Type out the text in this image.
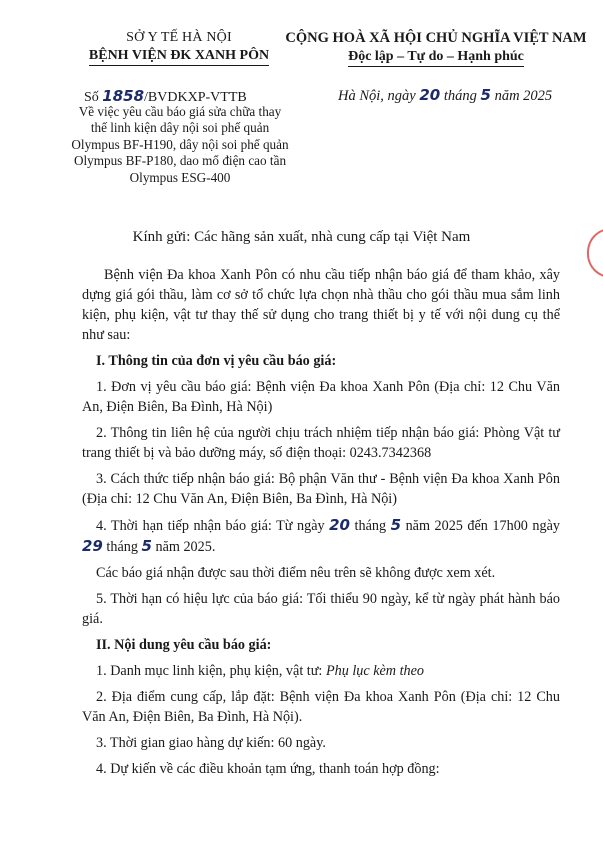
SỞ Y TẾ HÀ NỘI
BỆNH VIỆN ĐK XANH PÔN
Số 1858/BVDKXP-VTTB
Về việc yêu cầu báo giá sửa chữa thay thế linh kiện dây nội soi phế quản Olympus BF-H190, dây nội soi phế quản Olympus BF-P180, dao mổ điện cao tần Olympus ESG-400
CỘNG HOÀ XÃ HỘI CHỦ NGHĨA VIỆT NAM
Độc lập – Tự do – Hạnh phúc
Hà Nội, ngày 20 tháng 5 năm 2025
Kính gửi: Các hãng sản xuất, nhà cung cấp tại Việt Nam

Bệnh viện Đa khoa Xanh Pôn có nhu cầu tiếp nhận báo giá để tham khảo, xây dựng giá gói thầu, làm cơ sở tổ chức lựa chọn nhà thầu cho gói thầu mua sắm linh kiện, phụ kiện, vật tư thay thế sử dụng cho trang thiết bị y tế với nội dung cụ thể như sau:

I. Thông tin của đơn vị yêu cầu báo giá:

1. Đơn vị yêu cầu báo giá: Bệnh viện Đa khoa Xanh Pôn (Địa chỉ: 12 Chu Văn An, Điện Biên, Ba Đình, Hà Nội)

2. Thông tin liên hệ của người chịu trách nhiệm tiếp nhận báo giá: Phòng Vật tư trang thiết bị và bảo dưỡng máy, số điện thoại: 0243.7342368

3. Cách thức tiếp nhận báo giá: Bộ phận Văn thư - Bệnh viện Đa khoa Xanh Pôn (Địa chỉ: 12 Chu Văn An, Điện Biên, Ba Đình, Hà Nội)

4. Thời hạn tiếp nhận báo giá: Từ ngày 20 tháng 5 năm 2025 đến 17h00 ngày 29 tháng 5 năm 2025.

Các báo giá nhận được sau thời điểm nêu trên sẽ không được xem xét.

5. Thời hạn có hiệu lực của báo giá: Tối thiểu 90 ngày, kể từ ngày phát hành báo giá.

II. Nội dung yêu cầu báo giá:

1. Danh mục linh kiện, phụ kiện, vật tư: Phụ lục kèm theo

2. Địa điểm cung cấp, lắp đặt: Bệnh viện Đa khoa Xanh Pôn (Địa chỉ: 12 Chu Văn An, Điện Biên, Ba Đình, Hà Nội).

3. Thời gian giao hàng dự kiến: 60 ngày.

4. Dự kiến về các điều khoản tạm ứng, thanh toán hợp đồng:
